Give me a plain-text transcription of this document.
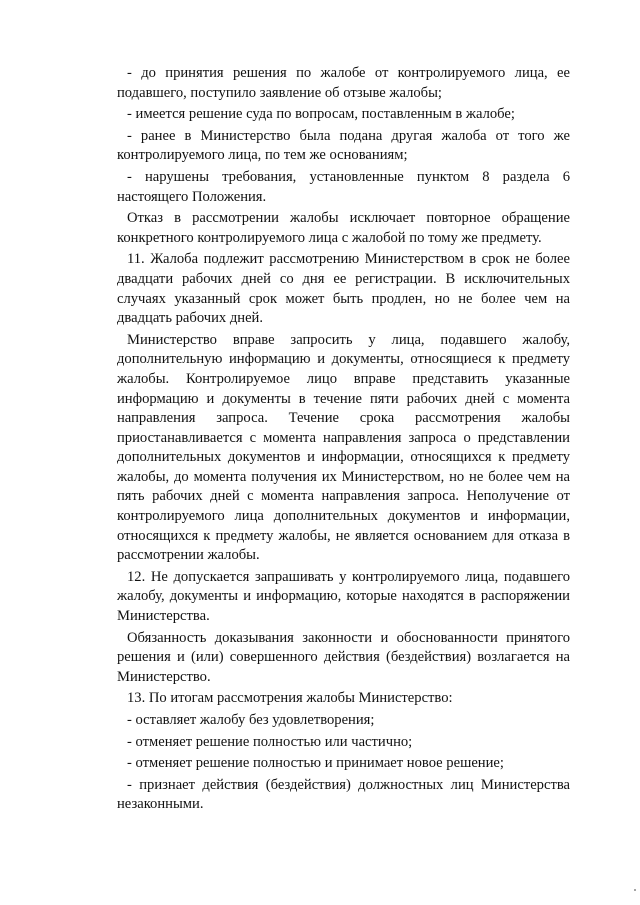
- до принятия решения по жалобе от контролируемого лица, ее подавшего, поступило заявление об отзыве жалобы;

- имеется решение суда по вопросам, поставленным в жалобе;

- ранее в Министерство была подана другая жалоба от того же контролируемого лица, по тем же основаниям;

- нарушены требования, установленные пунктом 8 раздела 6 настоящего Положения.

Отказ в рассмотрении жалобы исключает повторное обращение конкретного контролируемого лица с жалобой по тому же предмету.

11. Жалоба подлежит рассмотрению Министерством в срок не более двадцати рабочих дней со дня ее регистрации. В исключительных случаях указанный срок может быть продлен, но не более чем на двадцать рабочих дней.

Министерство вправе запросить у лица, подавшего жалобу, дополнительную информацию и документы, относящиеся к предмету жалобы. Контролируемое лицо вправе представить указанные информацию и документы в течение пяти рабочих дней с момента направления запроса. Течение срока рассмотрения жалобы приостанавливается с момента направления запроса о представлении дополнительных документов и информации, относящихся к предмету жалобы, до момента получения их Министерством, но не более чем на пять рабочих дней с момента направления запроса. Неполучение от контролируемого лица дополнительных документов и информации, относящихся к предмету жалобы, не является основанием для отказа в рассмотрении жалобы.

12. Не допускается запрашивать у контролируемого лица, подавшего жалобу, документы и информацию, которые находятся в распоряжении Министерства.

Обязанность доказывания законности и обоснованности принятого решения и (или) совершенного действия (бездействия) возлагается на Министерство.

13. По итогам рассмотрения жалобы Министерство:

- оставляет жалобу без удовлетворения;

- отменяет решение полностью или частично;

- отменяет решение полностью и принимает новое решение;

- признает действия (бездействия) должностных лиц Министерства незаконными.
